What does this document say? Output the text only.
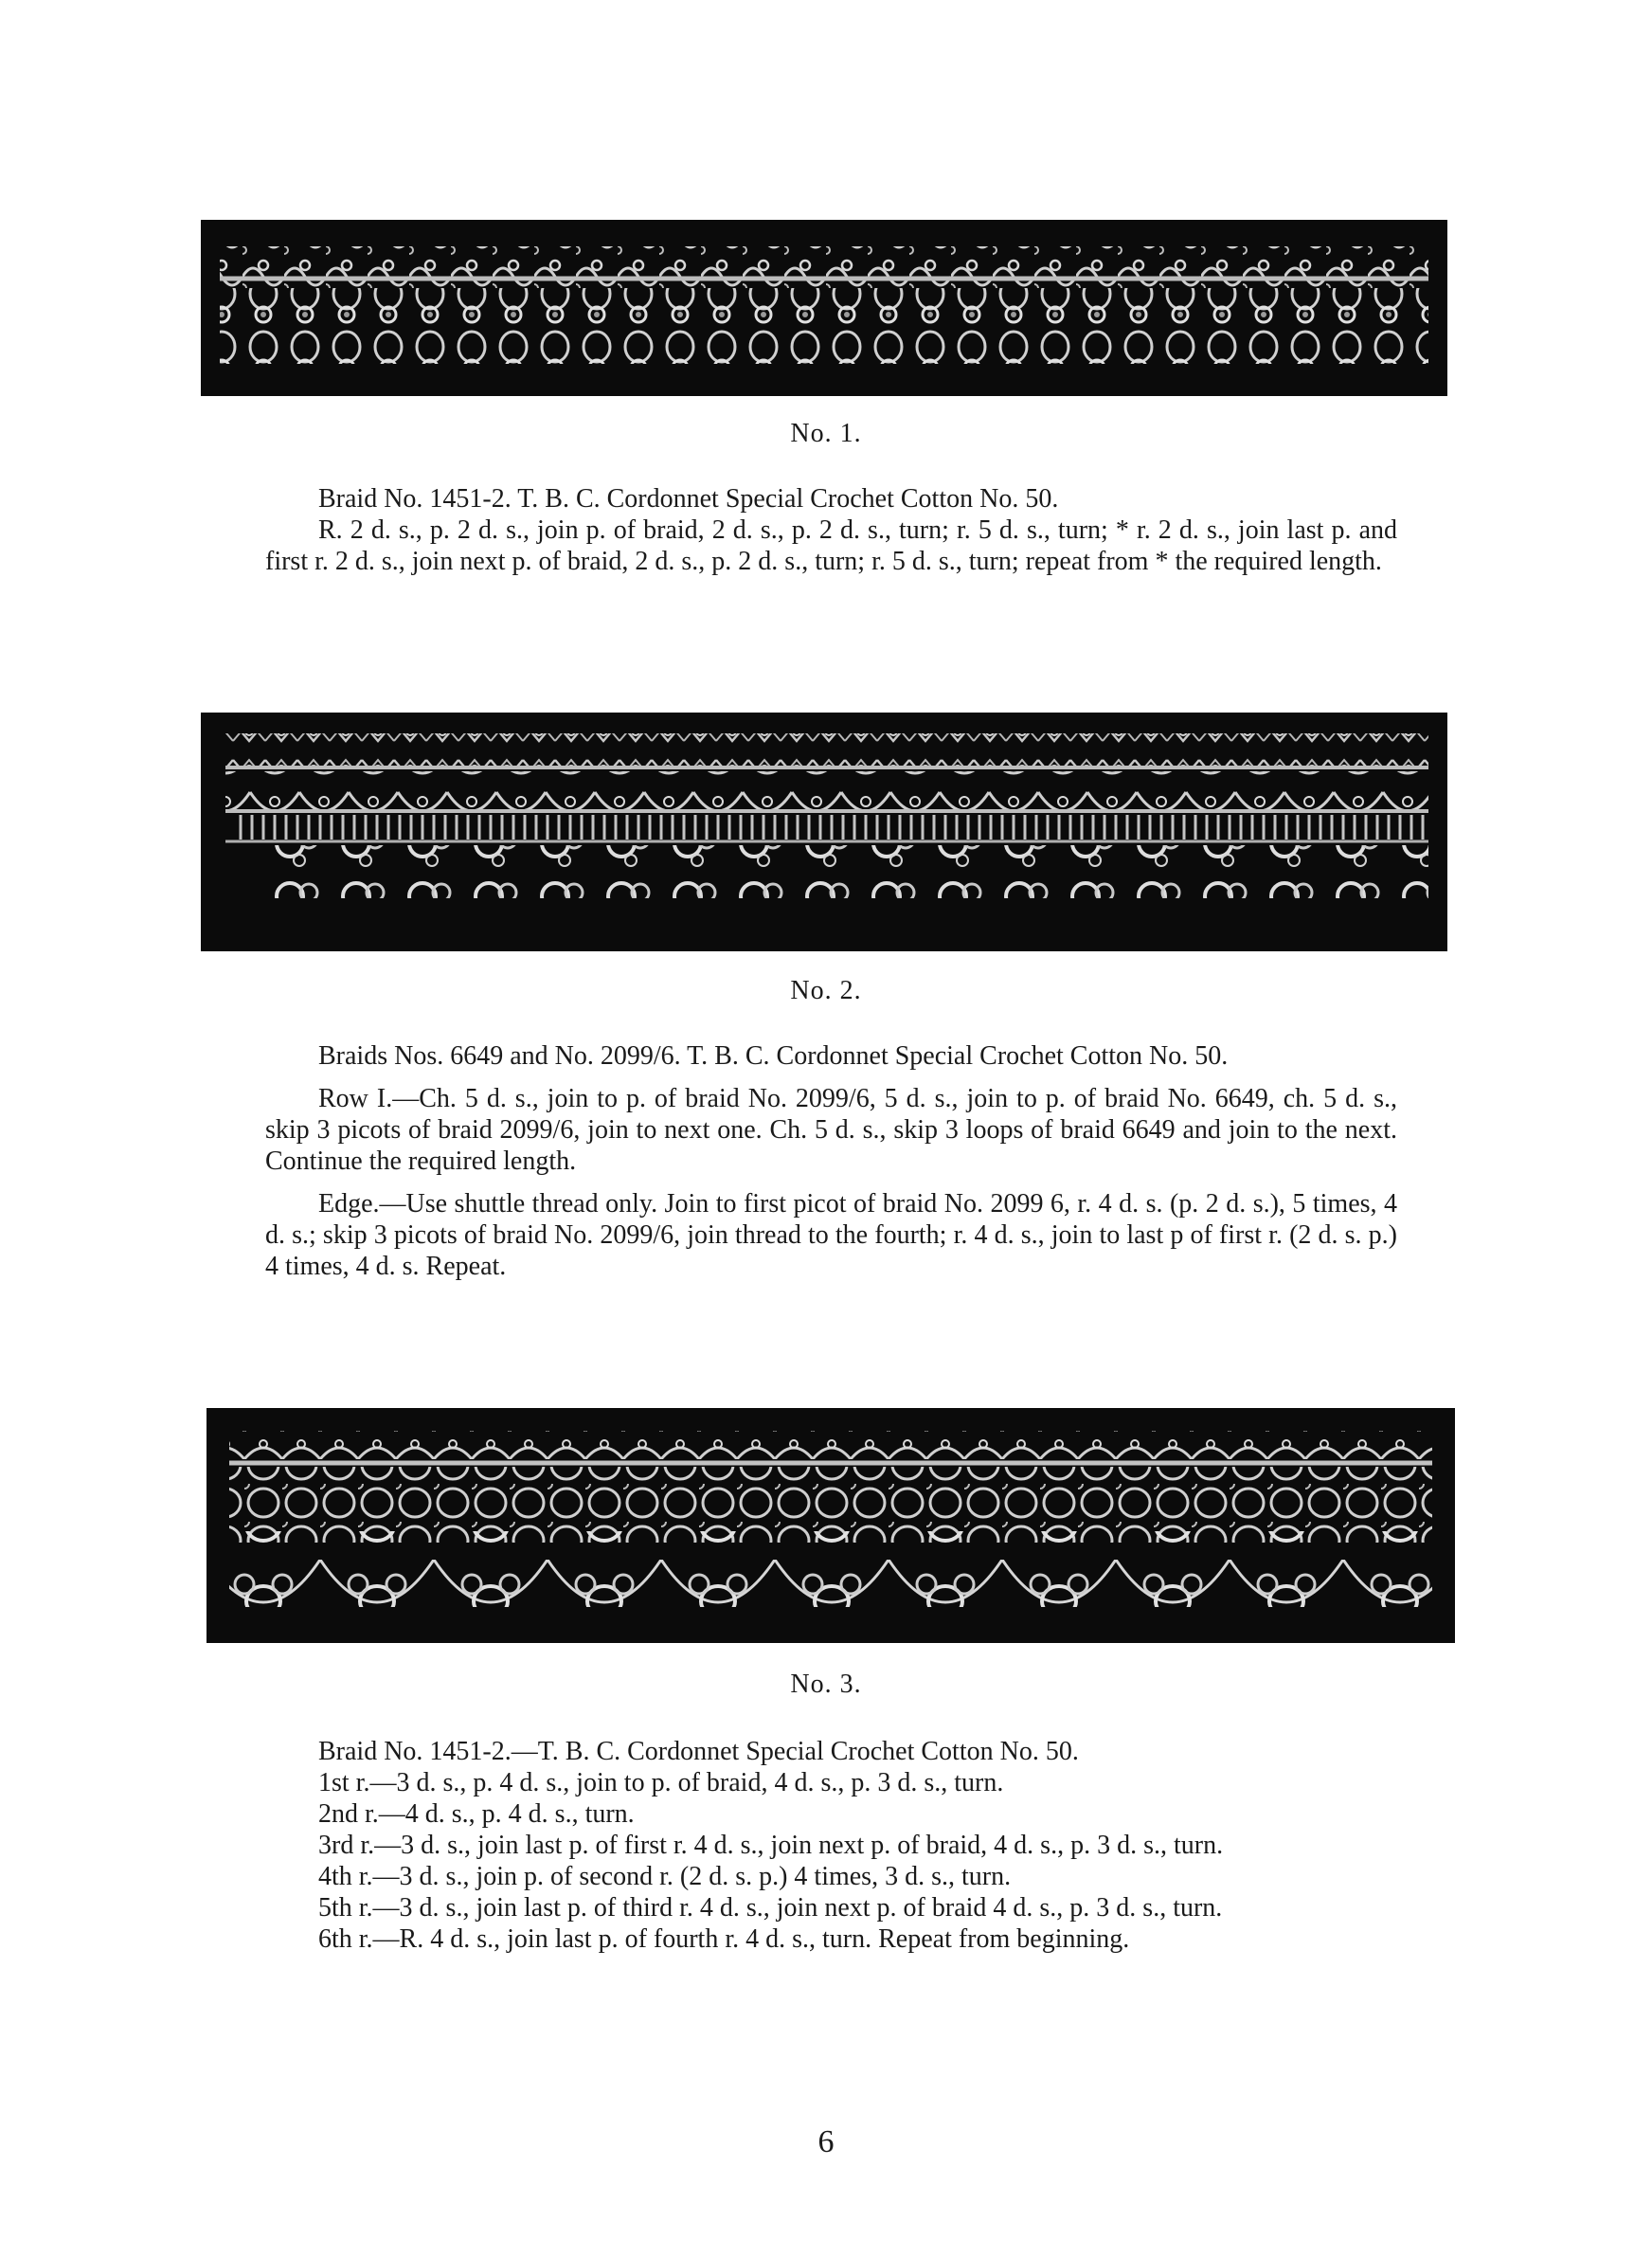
No. 1.

Braid No. 1451-2. T. B. C. Cordonnet Special Crochet Cotton No. 50.

R. 2 d. s., p. 2 d. s., join p. of braid, 2 d. s., p. 2 d. s., turn; r. 5 d. s., turn; * r. 2 d. s., join last p. and first r. 2 d. s., join next p. of braid, 2 d. s., p. 2 d. s., turn; r. 5 d. s., turn; repeat from * the required length.

No. 2.

Braids Nos. 6649 and No. 2099/6. T. B. C. Cordonnet Special Crochet Cotton No. 50.

Row I.—Ch. 5 d. s., join to p. of braid No. 2099/6, 5 d. s., join to p. of braid No. 6649, ch. 5 d. s., skip 3 picots of braid 2099/6, join to next one. Ch. 5 d. s., skip 3 loops of braid 6649 and join to the next. Continue the required length.

Edge.—Use shuttle thread only. Join to first picot of braid No. 2099 6, r. 4 d. s. (p. 2 d. s.), 5 times, 4 d. s.; skip 3 picots of braid No. 2099/6, join thread to the fourth; r. 4 d. s., join to last p of first r. (2 d. s. p.) 4 times, 4 d. s. Repeat.

No. 3.

Braid No. 1451-2.—T. B. C. Cordonnet Special Crochet Cotton No. 50.

1st r.—3 d. s., p. 4 d. s., join to p. of braid, 4 d. s., p. 3 d. s., turn.

2nd r.—4 d. s., p. 4 d. s., turn.

3rd r.—3 d. s., join last p. of first r. 4 d. s., join next p. of braid, 4 d. s., p. 3 d. s., turn.

4th r.—3 d. s., join p. of second r. (2 d. s. p.) 4 times, 3 d. s., turn.

5th r.—3 d. s., join last p. of third r. 4 d. s., join next p. of braid 4 d. s., p. 3 d. s., turn.

6th r.—R. 4 d. s., join last p. of fourth r. 4 d. s., turn. Repeat from beginning.

6
